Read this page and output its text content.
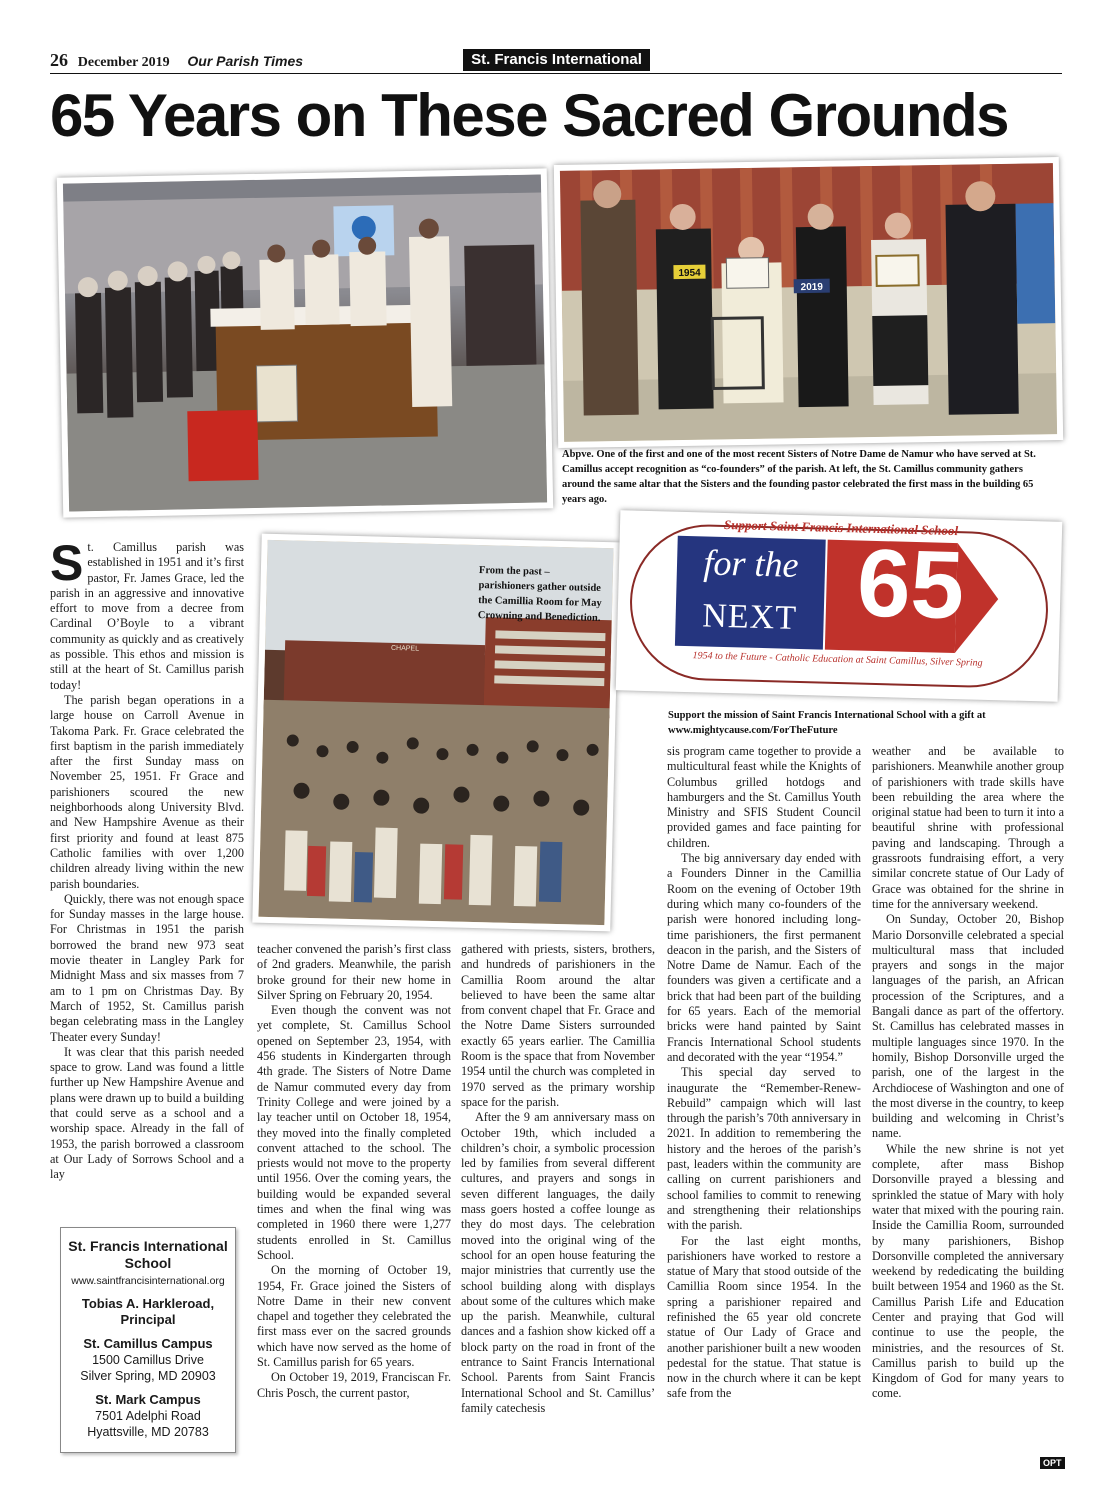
26 December 2019 Our Parish Times	St. Francis International
65 Years on These Sacred Grounds
1954
2019
Abpve. One of the first and one of the most recent Sisters of Notre Dame de Namur who have served at St. Camillus accept recognition as “co-founders” of the parish. At left, the St. Camillus community gathers around the same altar that the Sisters and the founding pastor celebrated the first mass in the building 65 years ago.
CHAPEL
From the past – parishioners gather outside the Camillia Room for May Crowning and Benediction.
Support Saint Francis International School
for the
NEXT 65
1954 to the Future - Catholic Education at Saint Camillus, Silver Spring
Support the mission of Saint Francis International School with a gift at www.mightycause.com/ForTheFuture
S t. Camillus parish was established in 1951 and it’s first pastor, Fr. James Grace, led the parish in an aggressive and innovative effort to move from a decree from Cardinal O’Boyle to a vibrant community as quickly and as creatively as possible. This ethos and mission is still at the heart of St. Camillus parish today!

The parish began operations in a large house on Carroll Avenue in Takoma Park. Fr. Grace celebrated the first baptism in the parish immediately after the first Sunday mass on November 25, 1951. Fr Grace and parishioners scoured the new neighborhoods along University Blvd. and New Hampshire Avenue as their first priority and found at least 875 Catholic families with over 1,200 children already living within the new parish boundaries.

Quickly, there was not enough space for Sunday masses in the large house. For Christmas in 1951 the parish borrowed the brand new 973 seat movie theater in Langley Park for Midnight Mass and six masses from 7 am to 1 pm on Christmas Day. By March of 1952, St. Camillus parish began celebrating mass in the Langley Theater every Sunday!

It was clear that this parish needed space to grow. Land was found a little further up New Hampshire Avenue and plans were drawn up to build a building that could serve as a school and a worship space. Already in the fall of 1953, the parish borrowed a classroom at Our Lady of Sorrows School and a lay

teacher convened the parish’s first class of 2nd graders. Meanwhile, the parish broke ground for their new home in Silver Spring on February 20, 1954.

Even though the convent was not yet complete, St. Camillus School opened on September 23, 1954, with 456 students in Kindergarten through 4th grade. The Sisters of Notre Dame de Namur commuted every day from Trinity College and were joined by a lay teacher until on October 18, 1954, they moved into the finally completed convent attached to the school. The priests would not move to the property until 1956. Over the coming years, the building would be expanded several times and when the final wing was completed in 1960 there were 1,277 students enrolled in St. Camillus School.

On the morning of October 19, 1954, Fr. Grace joined the Sisters of Notre Dame in their new convent chapel and together they celebrated the first mass ever on the sacred grounds which have now served as the home of St. Camillus parish for 65 years.

On October 19, 2019, Franciscan Fr. Chris Posch, the current pastor,

gathered with priests, sisters, brothers, and hundreds of parishioners in the Camillia Room around the altar believed to have been the same altar from convent chapel that Fr. Grace and the Notre Dame Sisters surrounded exactly 65 years earlier. The Camillia Room is the space that from November 1954 until the church was completed in 1970 served as the primary worship space for the parish.

After the 9 am anniversary mass on October 19th, which included a children’s choir, a symbolic procession led by families from several different cultures, and prayers and songs in seven different languages, the daily mass goers hosted a coffee lounge as they do most days. The celebration moved into the original wing of the school for an open house featuring the major ministries that currently use the school building along with displays about some of the cultures which make up the parish. Meanwhile, cultural dances and a fashion show kicked off a block party on the road in front of the entrance to Saint Francis International School. Parents from Saint Francis International School and St. Camillus’ family catechesis

sis program came together to provide a multicultural feast while the Knights of Columbus grilled hotdogs and hamburgers and the St. Camillus Youth Ministry and SFIS Student Council provided games and face painting for children.

The big anniversary day ended with a Founders Dinner in the Camillia Room on the evening of October 19th during which many co-founders of the parish were honored including long-time parishioners, the first permanent deacon in the parish, and the Sisters of Notre Dame de Namur. Each of the founders was given a certificate and a brick that had been part of the building for 65 years. Each of the memorial bricks were hand painted by Saint Francis International School students and decorated with the year “1954.”

This special day served to inaugurate the “Remember-Renew-Rebuild” campaign which will last through the parish’s 70th anniversary in 2021. In addition to remembering the history and the heroes of the parish’s past, leaders within the community are calling on current parishioners and school families to commit to renewing and strengthening their relationships with the parish.

For the last eight months, parishioners have worked to restore a statue of Mary that stood outside of the Camillia Room since 1954. In the spring a parishioner repaired and refinished the 65 year old concrete statue of Our Lady of Grace and another parishioner built a new wooden pedestal for the statue. That statue is now in the church where it can be kept safe from the

weather and be available to parishioners. Meanwhile another group of parishioners with trade skills have been rebuilding the area where the original statue had been to turn it into a beautiful shrine with professional paving and landscaping. Through a grassroots fundraising effort, a very similar concrete statue of Our Lady of Grace was obtained for the shrine in time for the anniversary weekend.

On Sunday, October 20, Bishop Mario Dorsonville celebrated a special multicultural mass that included prayers and songs in the major languages of the parish, an African procession of the Scriptures, and a Bangali dance as part of the offertory. St. Camillus has celebrated masses in multiple languages since 1970. In the homily, Bishop Dorsonville urged the parish, one of the largest in the Archdiocese of Washington and one of the most diverse in the country, to keep building and welcoming in Christ’s name.

While the new shrine is not yet complete, after mass Bishop Dorsonville prayed a blessing and sprinkled the statue of Mary with holy water that mixed with the pouring rain. Inside the Camillia Room, surrounded by many parishioners, Bishop Dorsonville completed the anniversary weekend by rededicating the building built between 1954 and 1960 as the St. Camillus Parish Life and Education Center and praying that God will continue to use the people, the ministries, and the resources of St. Camillus parish to build up the Kingdom of God for many years to come.

St. Francis International School
www.saintfrancisinternational.org
Tobias A. Harkleroad, Principal
St. Camillus Campus
1500 Camillus Drive
Silver Spring, MD 20903
St. Mark Campus
7501 Adelphi Road
Hyattsville, MD 20783
OPT
